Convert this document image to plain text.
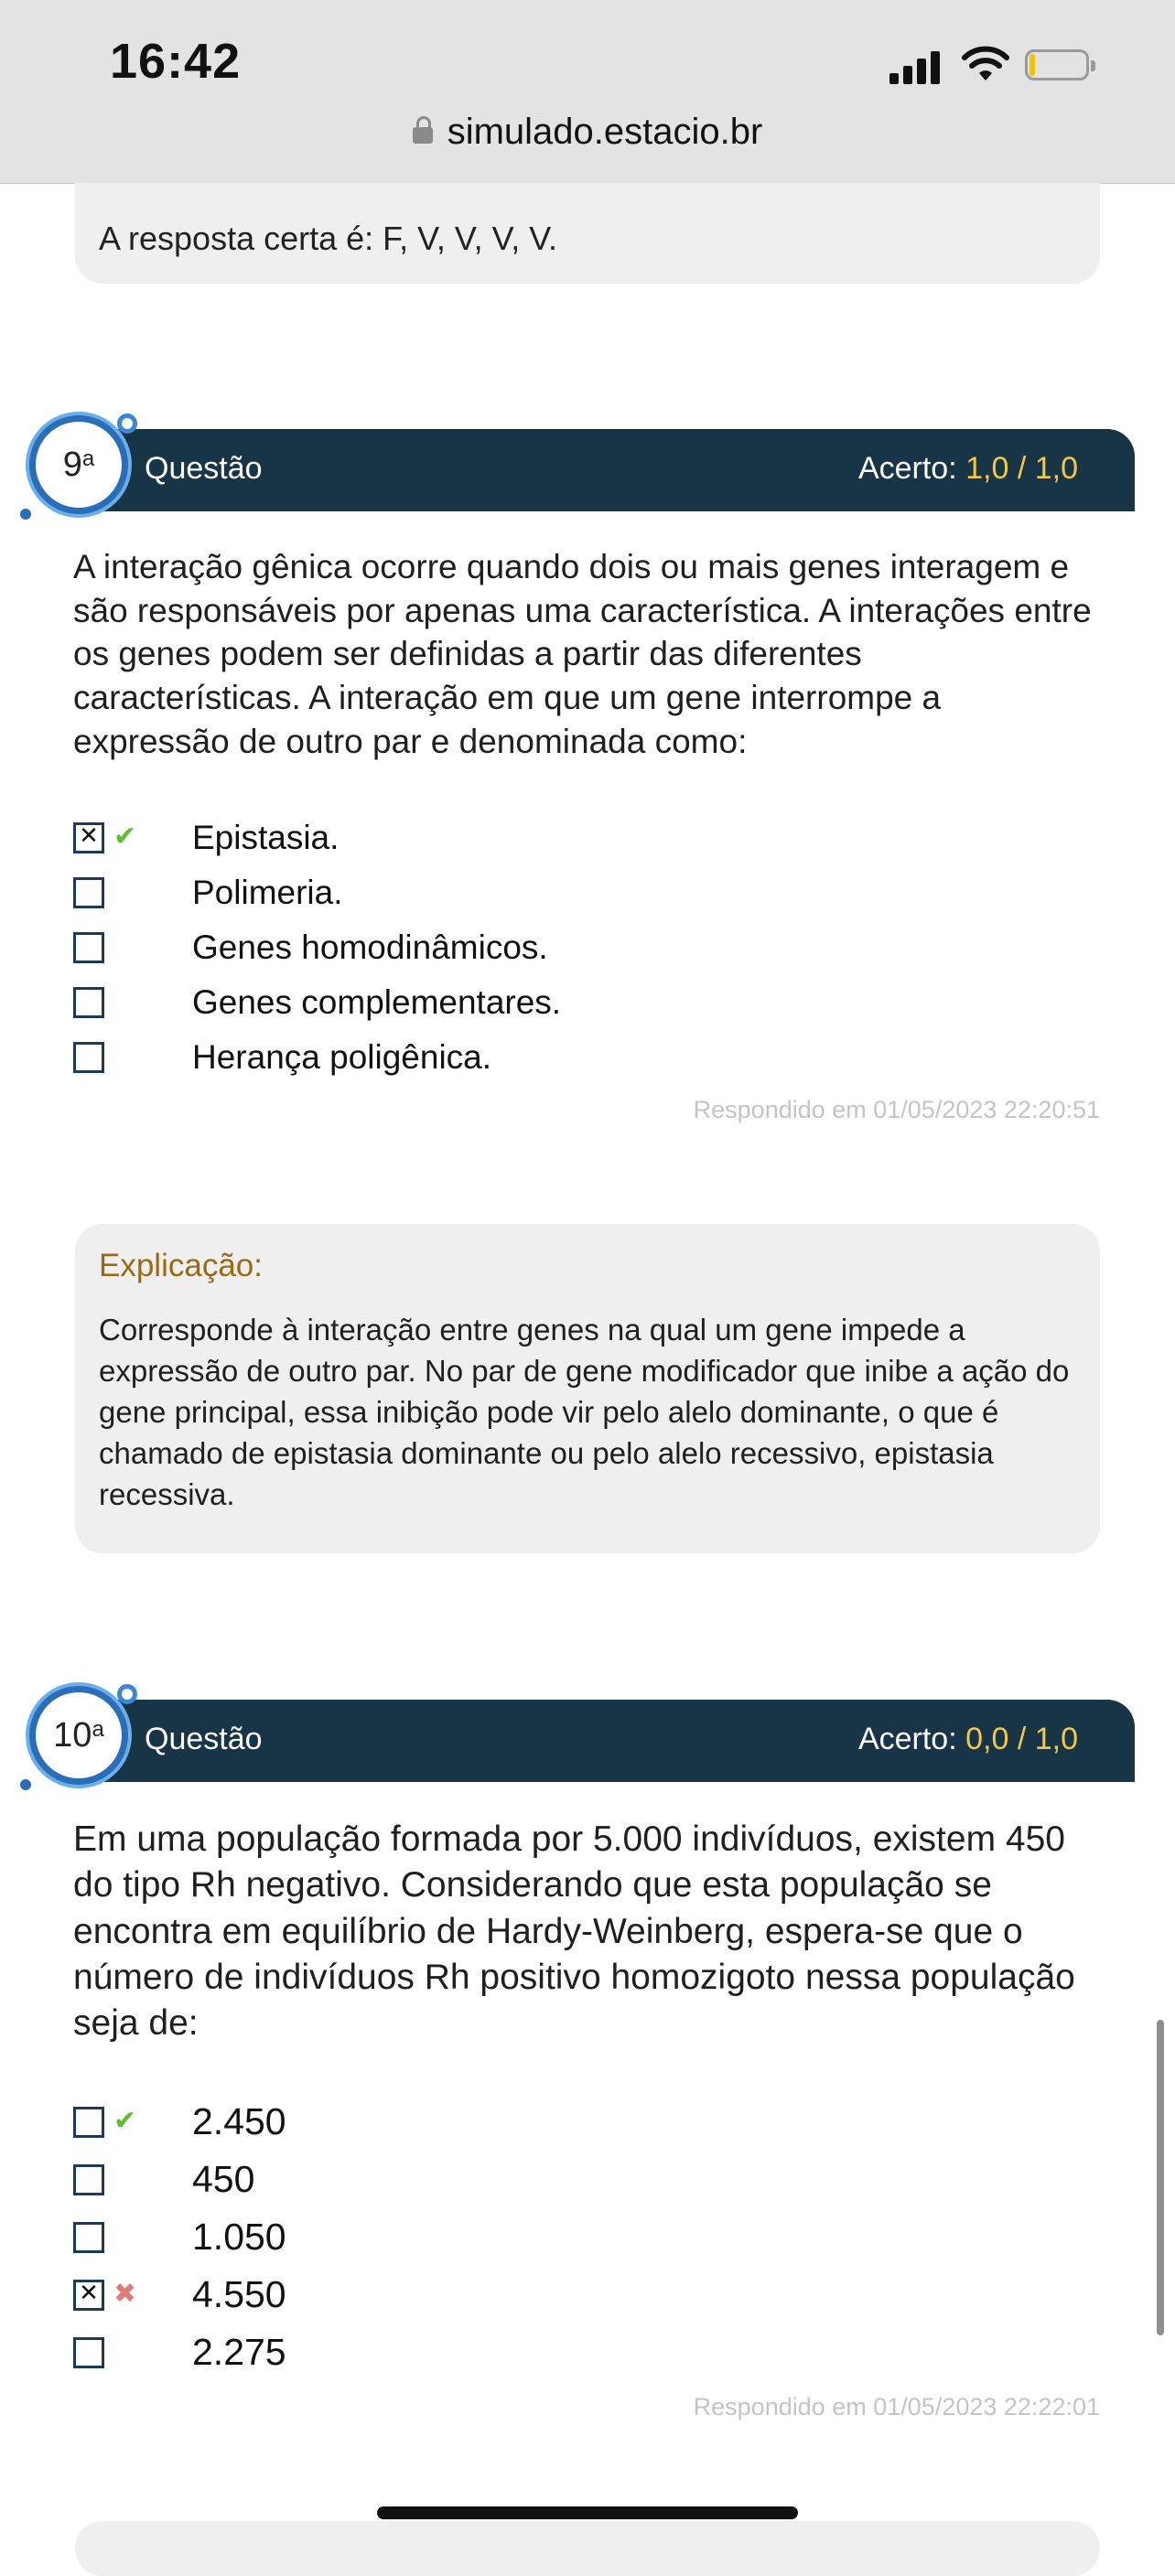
16:42
simulado.estacio.br
A resposta certa é: F, V, V, V, V.
Questão	Acerto: 1,0 / 1,0
9$^a$
A interação gênica ocorre quando dois ou mais genes interagem e são responsáveis por apenas uma característica. A interações entre os genes podem ser definidas a partir das diferentes características. A interação em que um gene interrompe a expressão de outro par e denominada como:
✕
✔
Epistasia.
Polimeria.
Genes homodinâmicos.
Genes complementares.
Herança poligênica.
Respondido em 01/05/2023 22:20:51
Explicação:
Corresponde à interação entre genes na qual um gene impede a expressão de outro par. No par de gene modificador que inibe a ação do gene principal, essa inibição pode vir pelo alelo dominante, o que é chamado de epistasia dominante ou pelo alelo recessivo, epistasia recessiva.
Questão	Acerto: 0,0 / 1,0
10$^a$
Em uma população formada por 5.000 indivíduos, existem 450 do tipo Rh negativo. Considerando que esta população se encontra em equilíbrio de Hardy-Weinberg, espera-se que o número de indivíduos Rh positivo homozigoto nessa população seja de:
✔
2.450
450
1.050
✕
✖
4.550
2.275
Respondido em 01/05/2023 22:22:01
